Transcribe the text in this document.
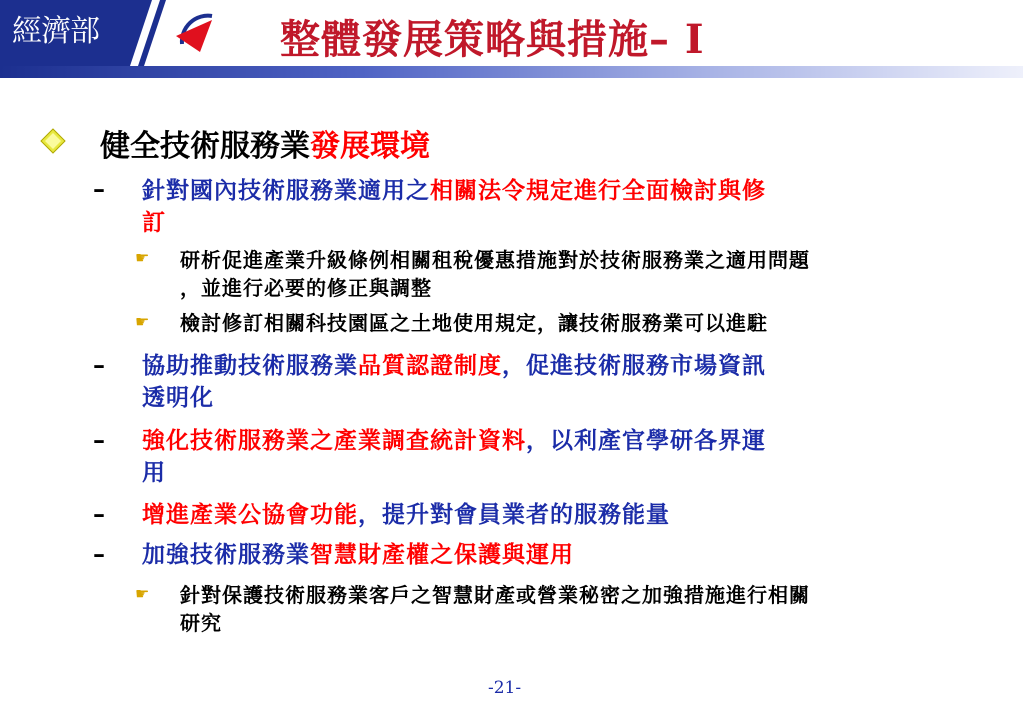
經濟部	整體發展策略與措施– I
健全技術服務業發展環境
– 針對國內技術服務業適用之相關法令規定進行全面檢討與修
訂
☛ 研析促進產業升級條例相關租稅優惠措施對於技術服務業之適用問題
，並進行必要的修正與調整
☛ 檢討修訂相關科技園區之土地使用規定，讓技術服務業可以進駐
– 協助推動技術服務業品質認證制度，促進技術服務市場資訊
透明化
– 強化技術服務業之產業調查統計資料，以利產官學研各界運
用
– 增進產業公協會功能，提升對會員業者的服務能量
– 加強技術服務業智慧財產權之保護與運用
☛ 針對保護技術服務業客戶之智慧財產或營業秘密之加強措施進行相關
研究
-21-
